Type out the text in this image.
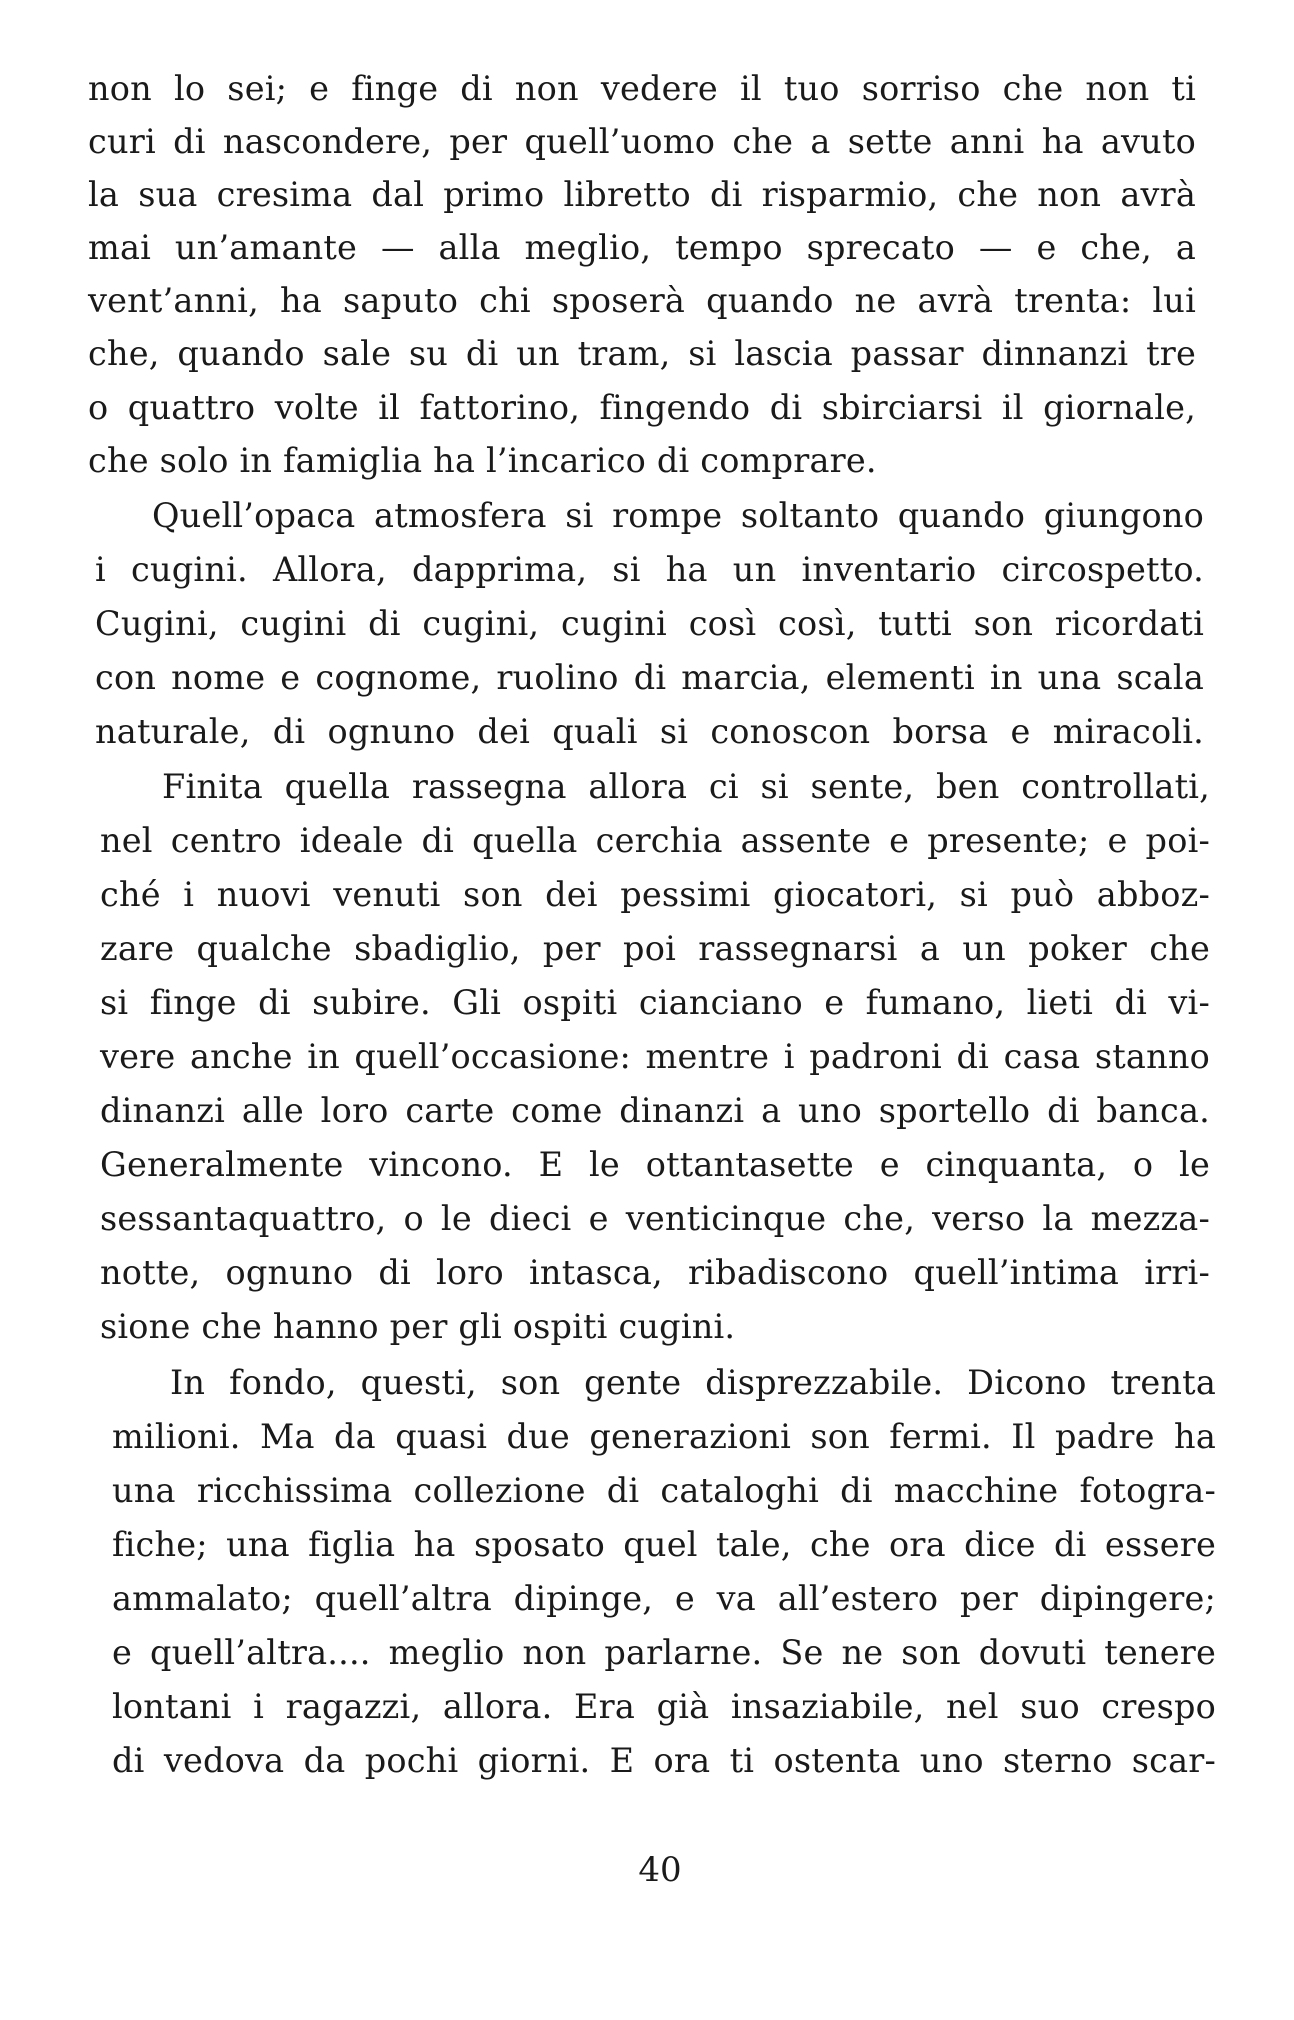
non lo sei; e finge di non vedere il tuo sorriso che non ti
curi di nascondere, per quell’uomo che a sette anni ha avuto
la sua cresima dal primo libretto di risparmio, che non avrà
mai un’amante — alla meglio, tempo sprecato — e che, a
vent’anni, ha saputo chi sposerà quando ne avrà trenta: lui
che, quando sale su di un tram, si lascia passar dinnanzi tre
o quattro volte il fattorino, fingendo di sbirciarsi il giornale,
che solo in famiglia ha l’incarico di comprare.
Quell’opaca atmosfera si rompe soltanto quando giungono
i cugini. Allora, dapprima, si ha un inventario circospetto.
Cugini, cugini di cugini, cugini così così, tutti son ricordati
con nome e cognome, ruolino di marcia, elementi in una scala
naturale, di ognuno dei quali si conoscon borsa e miracoli.
Finita quella rassegna allora ci si sente, ben controllati,
nel centro ideale di quella cerchia assente e presente; e poi-
ché i nuovi venuti son dei pessimi giocatori, si può abboz-
zare qualche sbadiglio, per poi rassegnarsi a un poker che
si finge di subire. Gli ospiti cianciano e fumano, lieti di vi-
vere anche in quell’occasione: mentre i padroni di casa stanno
dinanzi alle loro carte come dinanzi a uno sportello di banca.
Generalmente vincono. E le ottantasette e cinquanta, o le
sessantaquattro, o le dieci e venticinque che, verso la mezza-
notte, ognuno di loro intasca, ribadiscono quell’intima irri-
sione che hanno per gli ospiti cugini.
In fondo, questi, son gente disprezzabile. Dicono trenta
milioni. Ma da quasi due generazioni son fermi. Il padre ha
una ricchissima collezione di cataloghi di macchine fotogra-
fiche; una figlia ha sposato quel tale, che ora dice di essere
ammalato; quell’altra dipinge, e va all’estero per dipingere;
e quell’altra.... meglio non parlarne. Se ne son dovuti tenere
lontani i ragazzi, allora. Era già insaziabile, nel suo crespo
di vedova da pochi giorni. E ora ti ostenta uno sterno scar-
40
